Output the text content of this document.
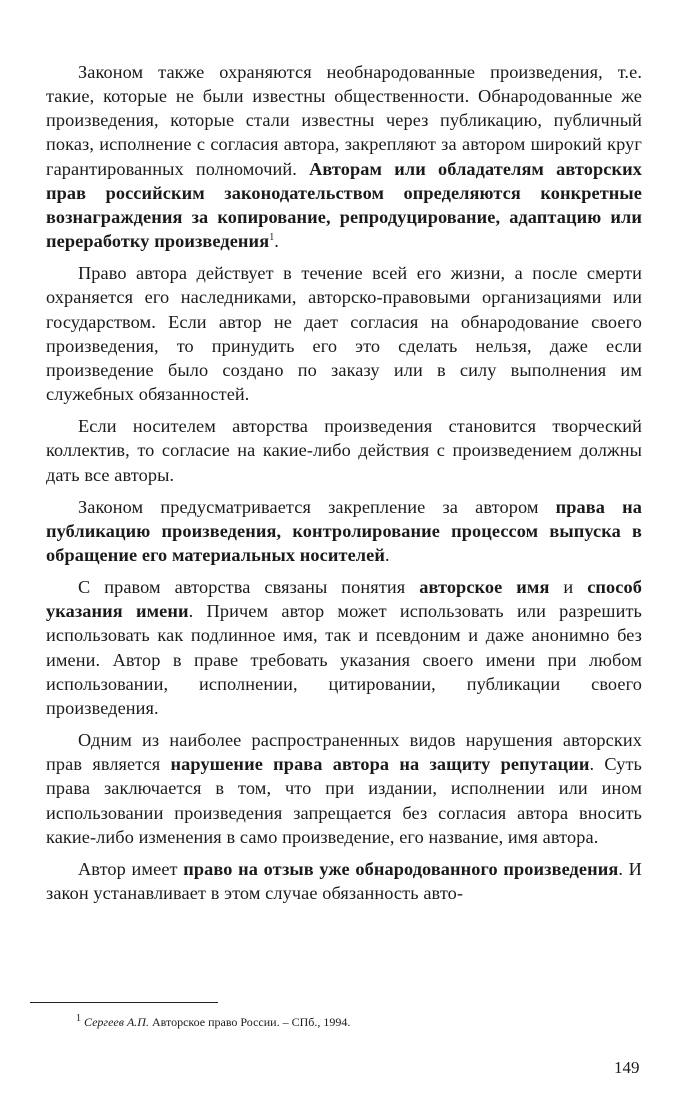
Законом также охраняются необнародованные произведения, т.е. такие, которые не были известны общественности. Обнародованные же произведения, которые стали известны через публикацию, публичный показ, исполнение с согласия автора, закрепляют за автором широкий круг гарантированных полномочий. Авторам или обладателям авторских прав российским законодательством определяются конкретные вознаграждения за копирование, репродуцирование, адаптацию или переработку произведения$^1$.

Право автора действует в течение всей его жизни, а после смерти охраняется его наследниками, авторско-правовыми организациями или государством. Если автор не дает согласия на обнародование своего произведения, то принудить его это сделать нельзя, даже если произведение было создано по заказу или в силу выполнения им служебных обязанностей.

Если носителем авторства произведения становится творческий коллектив, то согласие на какие-либо действия с произведением должны дать все авторы.

Законом предусматривается закрепление за автором права на публикацию произведения, контролирование процессом выпуска в обращение его материальных носителей.

С правом авторства связаны понятия авторское имя и способ указания имени. Причем автор может использовать или разрешить использовать как подлинное имя, так и псевдоним и даже анонимно без имени. Автор в праве требовать указания своего имени при любом использовании, исполнении, цитировании, публикации своего произведения.

Одним из наиболее распространенных видов нарушения авторских прав является нарушение права автора на защиту репутации. Суть права заключается в том, что при издании, исполнении или ином использовании произведения запрещается без согласия автора вносить какие-либо изменения в само произведение, его название, имя автора.

Автор имеет право на отзыв уже обнародованного произведения. И закон устанавливает в этом случае обязанность авто-

$^1$ Сергеев А.П. Авторское право России. – СПб., 1994.
149
